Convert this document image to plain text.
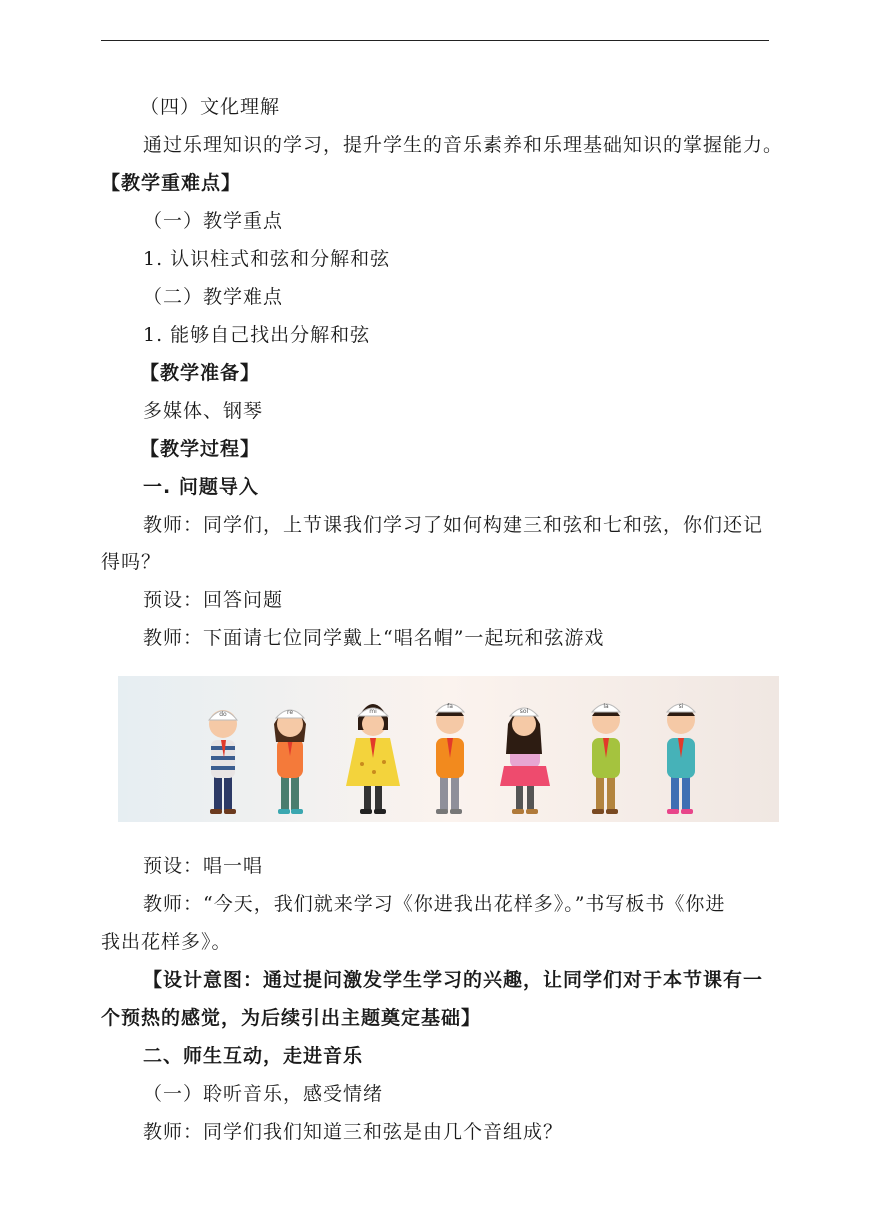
（四）文化理解
通过乐理知识的学习，提升学生的音乐素养和乐理基础知识的掌握能力。
【教学重难点】
（一）教学重点
1. 认识柱式和弦和分解和弦
（二）教学难点
1. 能够自己找出分解和弦
【教学准备】
多媒体、钢琴
【教学过程】
一. 问题导入
教师：同学们，上节课我们学习了如何构建三和弦和七和弦，你们还记
得吗？
预设：回答问题
教师：下面请七位同学戴上“唱名帽”一起玩和弦游戏
do	re	mi
fa
sol
la	si
预设：唱一唱
教师：“今天，我们就来学习《你进我出花样多》。”书写板书《你进
我出花样多》。
【设计意图：通过提问激发学生学习的兴趣，让同学们对于本节课有一
个预热的感觉，为后续引出主题奠定基础】
二、师生互动，走进音乐
（一）聆听音乐，感受情绪
教师：同学们我们知道三和弦是由几个音组成？
